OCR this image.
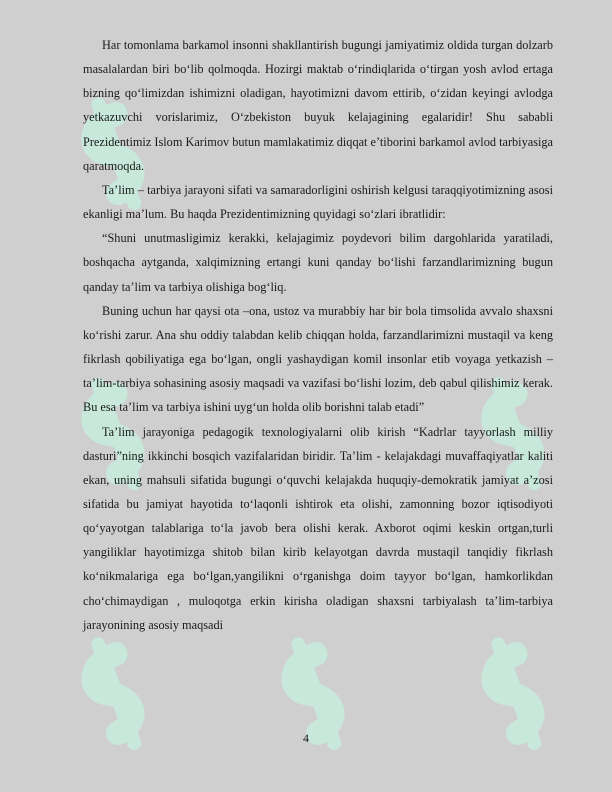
Har tomonlama barkamol insonni shakllantirish bugungi jamiyatimiz oldida turgan dolzarb masalalardan biri bo‘lib qolmoqda. Hozirgi maktab o‘rindiqlarida o‘tirgan yosh avlod ertaga bizning qo‘limizdan ishimizni oladigan, hayotimizni davom ettirib, o‘zidan keyingi avlodga yetkazuvchi vorislarimiz, O‘zbekiston buyuk kelajagining egalaridir! Shu sababli Prezidentimiz Islom Karimov butun mamlakatimiz diqqat e’tiborini barkamol avlod tarbiyasiga qaratmoqda.

Ta’lim – tarbiya jarayoni sifati va samaradorligini oshirish kelgusi taraqqiyotimizning asosi ekanligi ma’lum. Bu haqda Prezidentimizning quyidagi so‘zlari ibratlidir:

“Shuni unutmasligimiz kerakki, kelajagimiz poydevori bilim dargohlarida yaratiladi, boshqacha aytganda, xalqimizning ertangi kuni qanday bo‘lishi farzandlarimizning bugun qanday ta’lim va tarbiya olishiga bog‘liq.

Buning uchun har qaysi ota –ona, ustoz va murabbiy har bir bola timsolida avvalo shaxsni ko‘rishi zarur. Ana shu oddiy talabdan kelib chiqqan holda, farzandlarimizni mustaqil va keng fikrlash qobiliyatiga ega bo‘lgan, ongli yashaydigan komil insonlar etib voyaga yetkazish – ta’lim-tarbiya sohasining asosiy maqsadi va vazifasi bo‘lishi lozim, deb qabul qilishimiz kerak. Bu esa ta’lim va tarbiya ishini uyg‘un holda olib borishni talab etadi”

Ta’lim jarayoniga pedagogik texnologiyalarni olib kirish “Kadrlar tayyorlash milliy dasturi”ning ikkinchi bosqich vazifalaridan biridir. Ta’lim - kelajakdagi muvaffaqiyatlar kaliti ekan, uning mahsuli sifatida bugungi o‘quvchi kelajakda huquqiy-demokratik jamiyat a’zosi sifatida bu jamiyat hayotida to‘laqonli ishtirok eta olishi, zamonning bozor iqtisodiyoti qo‘yayotgan talablariga to‘la javob bera olishi kerak. Axborot oqimi keskin ortgan,turli yangiliklar hayotimizga shitob bilan kirib kelayotgan davrda mustaqil tanqidiy fikrlash ko‘nikmalariga ega bo‘lgan,yangilikni o‘rganishga doim tayyor bo‘lgan, hamkorlikdan cho‘chimaydigan , muloqotga erkin kirisha oladigan shaxsni tarbiyalash ta’lim-tarbiya jarayonining asosiy maqsadi

4
